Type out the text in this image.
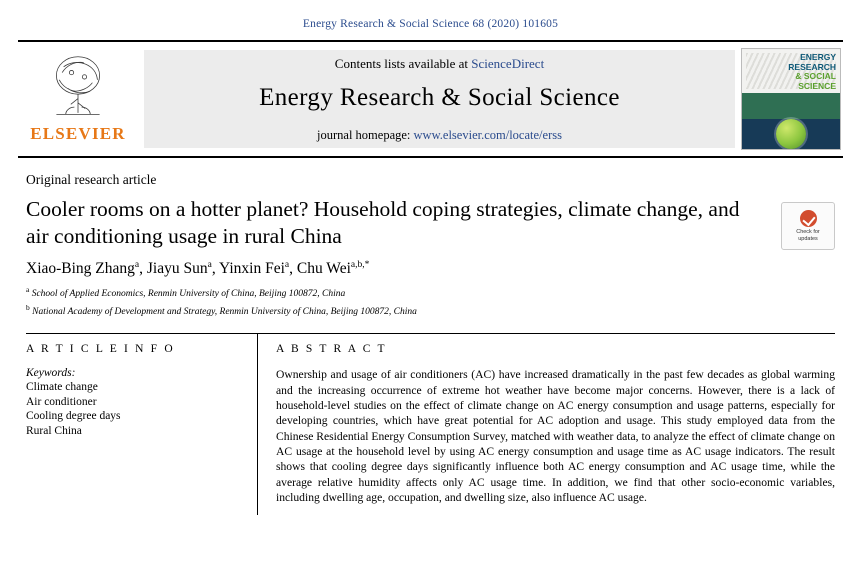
Energy Research & Social Science 68 (2020) 101605
ELSEVIER
Contents lists available at ScienceDirect
Energy Research & Social Science
journal homepage: www.elsevier.com/locate/erss
ENERGY
RESEARCH
& SOCIAL
SCIENCE
Original research article
Cooler rooms on a hotter planet? Household coping strategies, climate change, and air conditioning usage in rural China	Check for
updates
Xiao-Bing Zhang$^a$, Jiayu Sun$^a$, Yinxin Fei$^a$, Chu Wei$^{a,b,*}$
$^a$ School of Applied Economics, Renmin University of China, Beijing 100872, China
$^b$ National Academy of Development and Strategy, Renmin University of China, Beijing 100872, China
A R T I C L E I N F O
Keywords:
Climate change
Air conditioner
Cooling degree days
Rural China
A B S T R A C T
Ownership and usage of air conditioners (AC) have increased dramatically in the past few decades as global warming and the increasing occurrence of extreme hot weather have become major concerns. However, there is a lack of household-level studies on the effect of climate change on AC energy consumption and usage patterns, especially for developing countries, which have great potential for AC adoption and usage. This study employed data from the Chinese Residential Energy Consumption Survey, matched with weather data, to analyze the effect of climate change on AC usage at the household level by using AC energy consumption and usage time as AC usage indicators. The result shows that cooling degree days significantly influence both AC energy consumption and AC usage time, while the average relative humidity affects only AC usage time. In addition, we find that other socio-economic variables, including dwelling age, occupation, and dwelling size, also influence AC usage.
